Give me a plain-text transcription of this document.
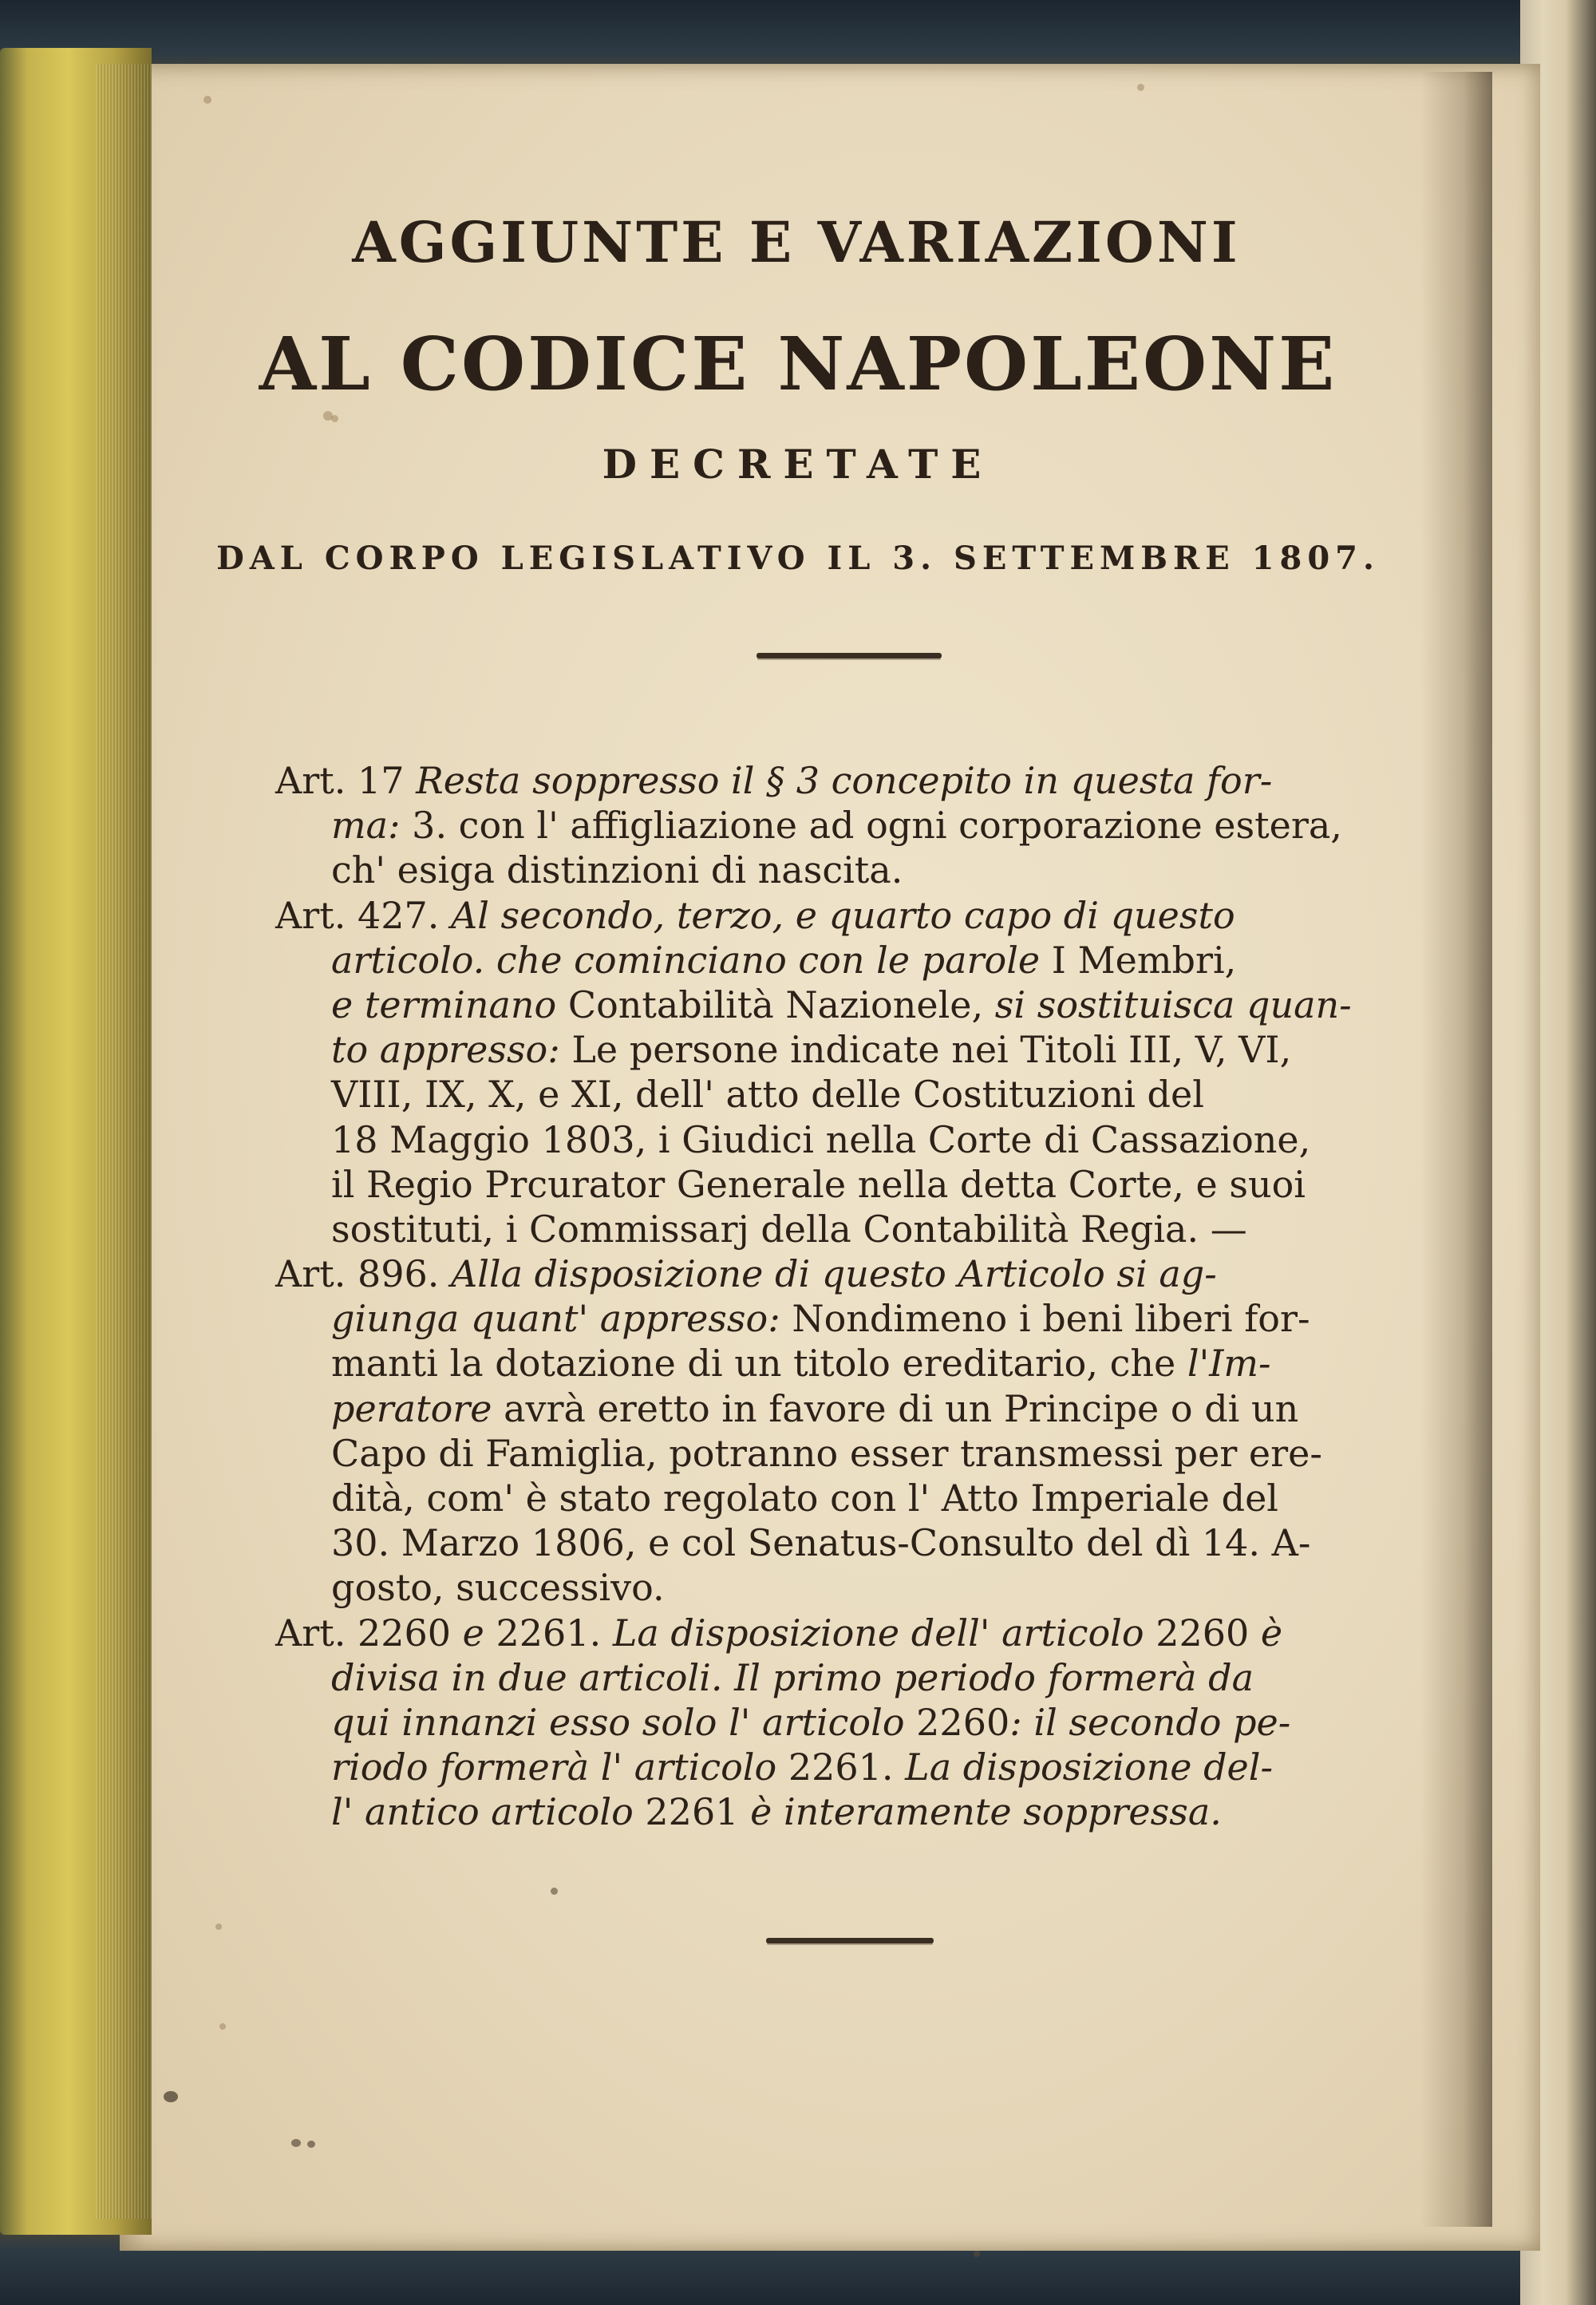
AGGIUNTE E VARIAZIONI
AL CODICE NAPOLEONE
DECRETATE
DAL CORPO LEGISLATIVO IL 3. SETTEMBRE 1807.
Art. 17 Resta soppresso il § 3 concepito in questa for-
ma: 3. con l' affigliazione ad ogni corporazione estera,
ch' esiga distinzioni di nascita.
Art. 427. Al secondo, terzo, e quarto capo di questo
articolo. che cominciano con le parole I Membri,
e terminano Contabilità Nazionele, si sostituisca quan-
to appresso: Le persone indicate nei Titoli III, V, VI,
VIII, IX, X, e XI, dell' atto delle Costituzioni del
18 Maggio 1803, i Giudici nella Corte di Cassazione,
il Regio Prcurator Generale nella detta Corte, e suoi
sostituti, i Commissarj della Contabilità Regia. —
Art. 896. Alla disposizione di questo Articolo si ag-
giunga quant' appresso: Nondimeno i beni liberi for-
manti la dotazione di un titolo ereditario, che l'Im-
peratore avrà eretto in favore di un Principe o di un
Capo di Famiglia, potranno esser transmessi per ere-
dità, com' è stato regolato con l' Atto Imperiale del
30. Marzo 1806, e col Senatus-Consulto del dì 14. A-
gosto, successivo.
Art. 2260 e 2261. La disposizione dell' articolo 2260 è
divisa in due articoli. Il primo periodo formerà da
qui innanzi esso solo l' articolo 2260: il secondo pe-
riodo formerà l' articolo 2261. La disposizione del-
l' antico articolo 2261 è interamente soppressa.
